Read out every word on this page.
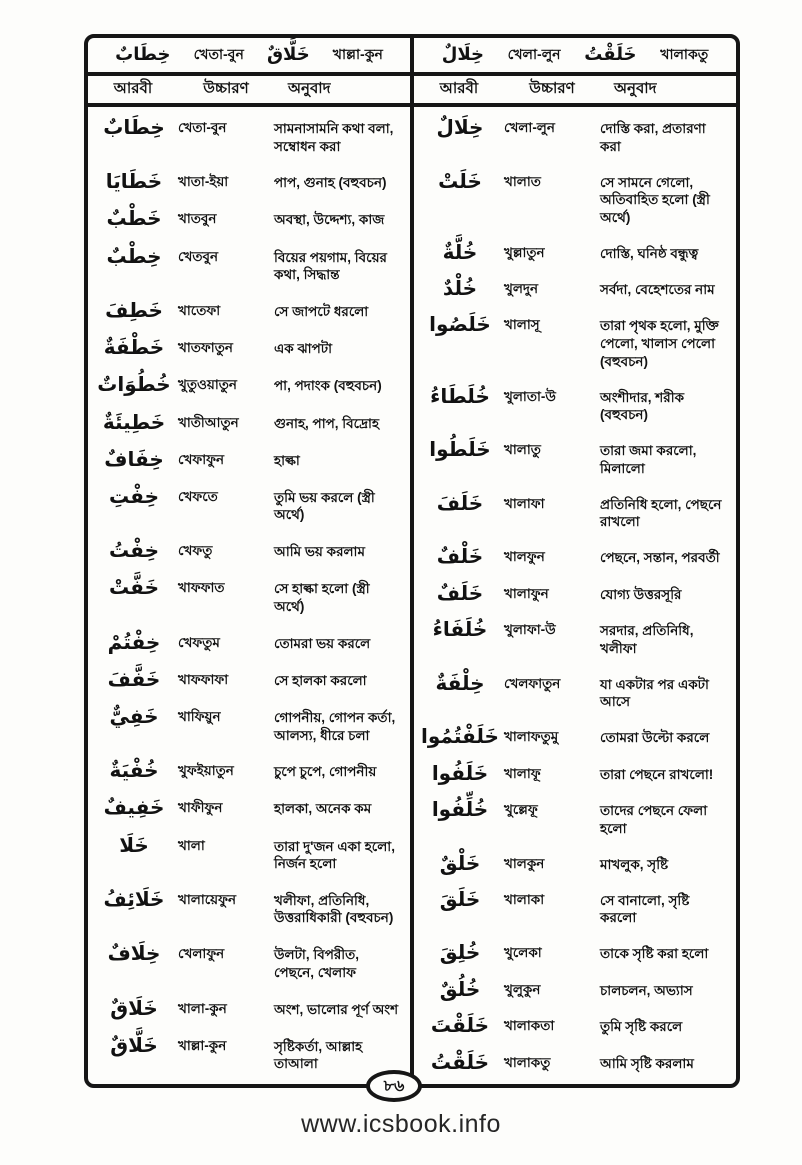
خِطَابٌ খেতা-বুন خَلَّاقٌ খাল্লা-কুন	خِلَالٌ খেলা-লুন خَلَقْتُ খালাকতু
আরবী	উচ্চারণ	অনুবাদ	আরবী	উচ্চারণ	অনুবাদ
خِطَابٌ খেতা-বুন	সামনাসামনি কথা বলা, সম্বোধন করা
خَطَايَا	খাতা-ইয়া	পাপ, গুনাহ (বহুবচন)
خَطْبٌ	খাতবুন	অবস্থা, উদ্দেশ্য, কাজ
خِطْبٌ	খেতবুন	বিয়ের পয়গাম, বিয়ের কথা, সিদ্ধান্ত
خَطِفَ	খাতেফা	সে জাপটে ধরলো
خَطْفَةٌ	খাতফাতুন	এক ঝাপটা
خُطُوَاتٌ খুতুওয়াতুন	পা, পদাংক (বহুবচন)
خَطِيئَةٌ খাতীআতুন	গুনাহ, পাপ, বিদ্রোহ
خِفَافٌ	খেফাফুন	হাল্কা
خِفْتِ	খেফতে	তুমি ভয় করলে (স্ত্রী অর্থে)
خِفْتُ	খেফতু	আমি ভয় করলাম
خَفَّتْ	খাফফাত	সে হাল্কা হলো (স্ত্রী অর্থে)
خِفْتُمْ	খেফতুম	তোমরা ভয় করলে
خَفَّفَ	খাফফাফা	সে হালকা করলো
خَفِيٌّ	খাফিয়ুন	গোপনীয়, গোপন কর্তা, আলস্য, ধীরে চলা
خُفْيَةٌ	খুফইয়াতুন	চুপে চুপে, গোপনীয়
خَفِيفٌ	খাফীফুন	হালকা, অনেক কম
خَلَا	খালা	তারা দু'জন একা হলো, নির্জন হলো
خَلَائِفُ	খালায়েফুন	খলীফা, প্রতিনিধি, উত্তরাধিকারী (বহুবচন)
خِلَافٌ	খেলাফুন	উলটা, বিপরীত, পেছনে, খেলাফ
خَلَاقٌ	খালা-কুন	অংশ, ভালোর পূর্ণ অংশ
خَلَّاقٌ	খাল্লা-কুন	সৃষ্টিকর্তা, আল্লাহ তাআলা
خِلَالٌ	খেলা-লুন	দোস্তি করা, প্রতারণা করা
خَلَتْ	খালাত	সে সামনে গেলো, অতিবাহিত হলো (স্ত্রী অর্থে)
خُلَّةٌ	খুল্লাতুন	দোস্তি, ঘনিষ্ঠ বন্ধুত্ব
خُلْدٌ	খুলদুন	সর্বদা, বেহেশতের নাম
خَلَصُوا খালাসূ	তারা পৃথক হলো, মুক্তি পেলো, খালাস পেলো (বহুবচন)
خُلَطَاءُ	খুলাতা-উ	অংশীদার, শরীক (বহুবচন)
خَلَطُوا খালাতু	তারা জমা করলো, মিলালো
خَلَفَ	খালাফা	প্রতিনিধি হলো, পেছনে রাখলো
خَلْفٌ	খালফুন	পেছনে, সন্তান, পরবর্তী
خَلَفٌ	খালাফুন	যোগ্য উত্তরসূরি
خُلَفَاءُ	খুলাফা-উ	সরদার, প্রতিনিধি, খলীফা
خِلْفَةٌ	খেলফাতুন	যা একটার পর একটা আসে
خَلَفْتُمُوا খালাফতুমু	তোমরা উল্টো করলে
خَلَفُوا	খালাফূ	তারা পেছনে রাখলো!
خُلِّفُوا	খুল্লেফূ	তাদের পেছনে ফেলা হলো
خَلْقٌ	খালকুন	মাখলুক, সৃষ্টি
خَلَقَ	খালাকা	সে বানালো, সৃষ্টি করলো
خُلِقَ	খুলেকা	তাকে সৃষ্টি করা হলো
خُلُقٌ	খুলুকুন	চালচলন, অভ্যাস
خَلَقْتَ	খালাকতা	তুমি সৃষ্টি করলে
خَلَقْتُ	খালাকতু	আমি সৃষ্টি করলাম
৮৬
www.icsbook.info
